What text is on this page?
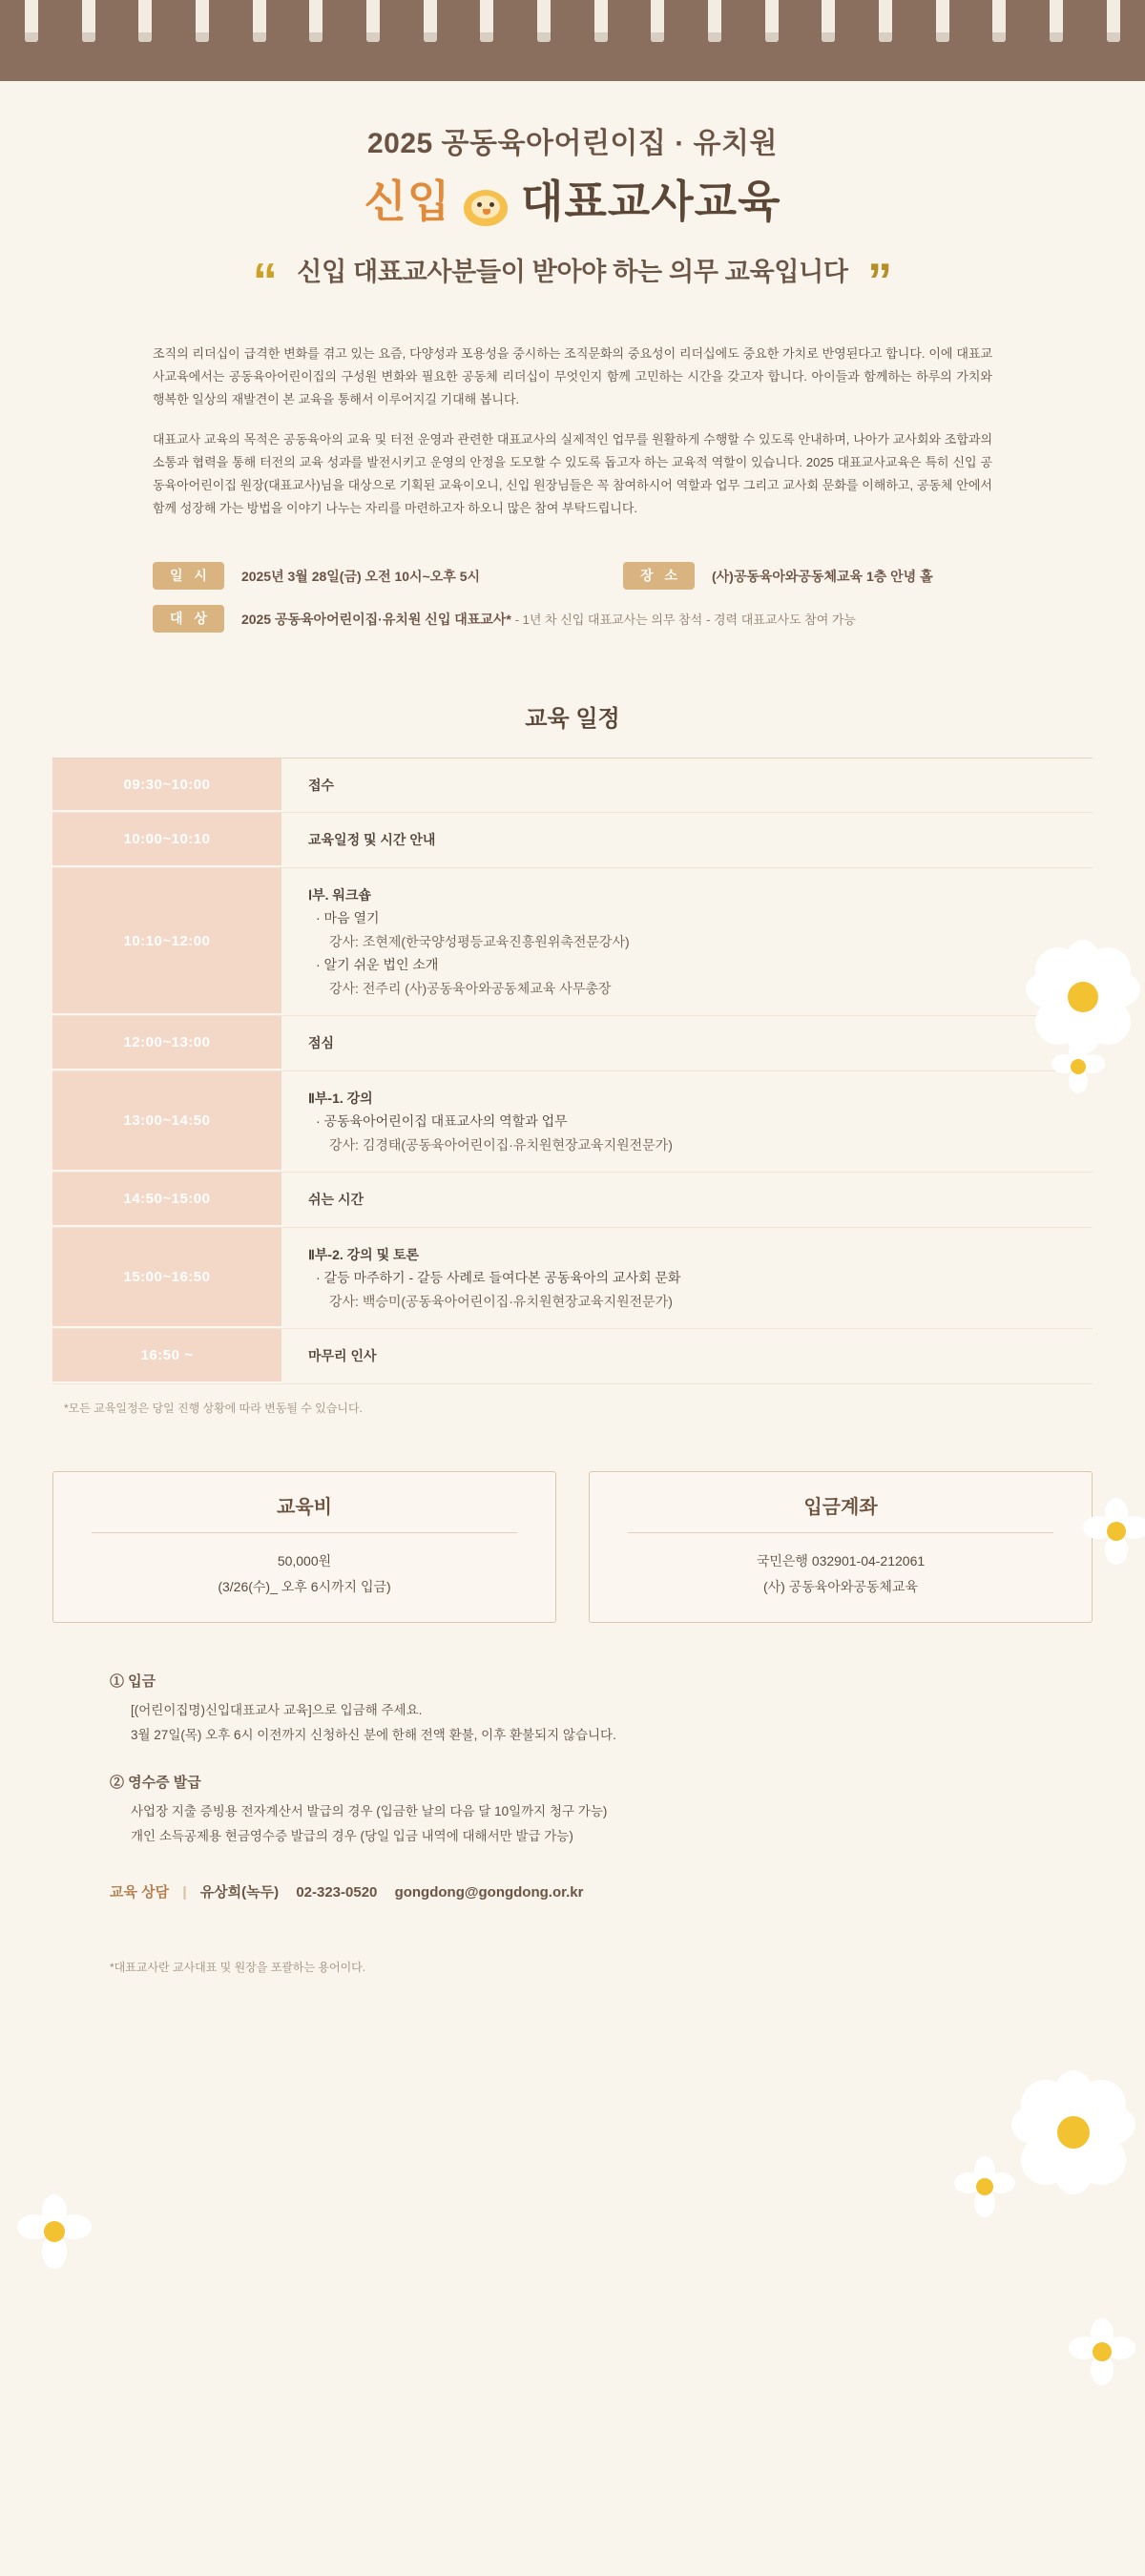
2025 공동육아어린이집 · 유치원
신입 대표교사교육
“ 신입 대표교사분들이 받아야 하는 의무 교육입니다 ”

조직의 리더십이 급격한 변화를 겪고 있는 요즘, 다양성과 포용성을 중시하는 조직문화의 중요성이 리더십에도 중요한 가치로 반영된다고 합니다. 이에 대표교사교육에서는 공동육아어린이집의 구성원 변화와 필요한 공동체 리더십이 무엇인지 함께 고민하는 시간을 갖고자 합니다. 아이들과 함께하는 하루의 가치와 행복한 일상의 재발견이 본 교육을 통해서 이루어지길 기대해 봅니다.

대표교사 교육의 목적은 공동육아의 교육 및 터전 운영과 관련한 대표교사의 실제적인 업무를 원활하게 수행할 수 있도록 안내하며, 나아가 교사회와 조합과의 소통과 협력을 통해 터전의 교육 성과를 발전시키고 운영의 안정을 도모할 수 있도록 돕고자 하는 교육적 역할이 있습니다. 2025 대표교사교육은 특히 신입 공동육아어린이집 원장(대표교사)님을 대상으로 기획된 교육이오니, 신입 원장님들은 꼭 참여하시어 역할과 업무 그리고 교사회 문화를 이해하고, 공동체 안에서 함께 성장해 가는 방법을 이야기 나누는 자리를 마련하고자 하오니 많은 참여 부탁드립니다.

일 시	2025년 3월 28일(금) 오전 10시~오후 5시	장 소	(사)공동육아와공동체교육 1층 안녕 홀
대 상	2025 공동육아어린이집·유치원 신입 대표교사* - 1년 차 신입 대표교사는 의무 참석 - 경력 대표교사도 참여 가능
교육 일정
09:30~10:00	접수
10:00~10:10	교육일정 및 시간 안내
10:10~12:00
Ⅰ부. 워크숍
· 마음 열기
강사: 조현제(한국양성평등교육진흥원위촉전문강사)
· 알기 쉬운 법인 소개
강사: 전주리 (사)공동육아와공동체교육 사무총장
12:00~13:00	점심
13:00~14:50
Ⅱ부-1. 강의
· 공동육아어린이집 대표교사의 역할과 업무
강사: 김경태(공동육아어린이집·유치원현장교육지원전문가)
14:50~15:00	쉬는 시간
15:00~16:50
Ⅱ부-2. 강의 및 토론
· 갈등 마주하기 - 갈등 사례로 들여다본 공동육아의 교사회 문화
강사: 백승미(공동육아어린이집·유치원현장교육지원전문가)
16:50 ~	마무리 인사
*모든 교육일정은 당일 진행 상황에 따라 변동될 수 있습니다.
교육비
50,000원
(3/26(수)_ 오후 6시까지 입금)
입금계좌
국민은행 032901-04-212061
(사) 공동육아와공동체교육
① 입금
[(어린이집명)신입대표교사 교육]으로 입금해 주세요.
3월 27일(목) 오후 6시 이전까지 신청하신 분에 한해 전액 환불, 이후 환불되지 않습니다.
② 영수증 발급
사업장 지출 증빙용 전자계산서 발급의 경우 (입금한 날의 다음 달 10일까지 청구 가능)
개인 소득공제용 현금영수증 발급의 경우 (당일 입금 내역에 대해서만 발급 가능)
교육 상담 | 유상희(녹두) 02-323-0520 gongdong@gongdong.or.kr
*대표교사란 교사대표 및 원장을 포괄하는 용어이다.
